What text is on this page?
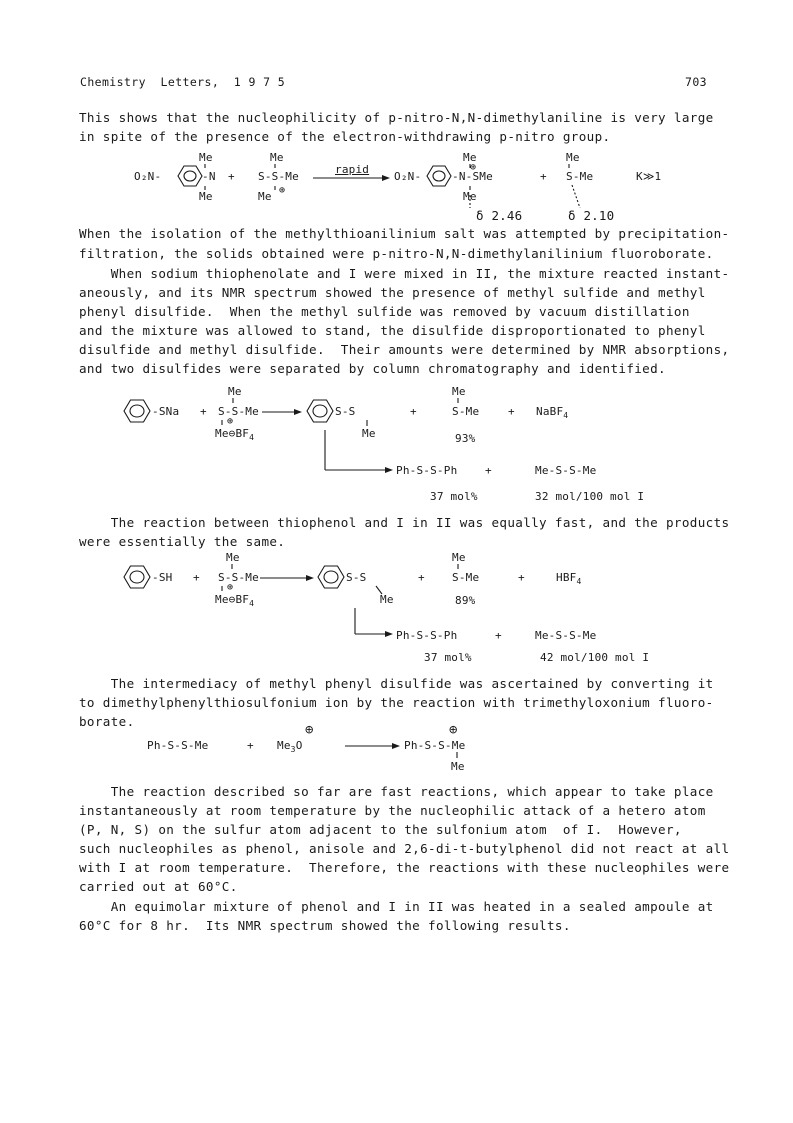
Chemistry  Letters,  1 9 7 5	703
This shows that the nucleophilicity of p-nitro-N,N-dimethylaniline is very large
in spite of the presence of the electron-withdrawing p-nitro group.
Me
O₂N-	-N
Me
+
Me
S-S-Me
Me ⊕
rapid
O₂N-
Me
⊕
-N-SMe
Me
+
Me
S-Me	K≫1
δ 2.46	δ 2.10
When the isolation of the methylthioanilinium salt was attempted by precipitation-
filtration, the solids obtained were p-nitro-N,N-dimethylanilinium fluoroborate.
When sodium thiophenolate and I were mixed in II, the mixture reacted instant-
aneously, and its NMR spectrum showed the presence of methyl sulfide and methyl
phenyl disulfide.  When the methyl sulfide was removed by vacuum distillation
and the mixture was allowed to stand, the disulfide disproportionated to phenyl
disulfide and methyl disulfide.  Their amounts were determined by NMR absorptions,
and two disulfides were separated by column chromatography and identified.
-SNa +
Me
S-S-Me
⊕
$Me⊖BF_4$
S-S
Me
+
Me
S-Me	+ NaBF$_4$
93%
Ph-S-S-Ph	+	Me-S-S-Me
37 mol%	32 mol/100 mol I
The reaction between thiophenol and I in II was equally fast, and the products
were essentially the same.
-SH +
Me
S-S-Me
⊕
$Me⊖BF_4$
S-S
Me
+
Me
S-Me	+	$HBF_4$
89%
Ph-S-S-Ph	+	Me-S-S-Me
37 mol%	42 mol/100 mol I
The intermediacy of methyl phenyl disulfide was ascertained by converting it
to dimethylphenylthiosulfonium ion by the reaction with trimethyloxonium fluoro-
borate.
Ph-S-S-Me	+ $Me_3O$
⊕
Ph-S-S-Me
⊕
Me
The reaction described so far are fast reactions, which appear to take place
instantaneously at room temperature by the nucleophilic attack of a hetero atom
(P, N, S) on the sulfur atom adjacent to the sulfonium atom  of I.  However,
such nucleophiles as phenol, anisole and 2,6-di-t-butylphenol did not react at all
with I at room temperature.  Therefore, the reactions with these nucleophiles were
carried out at 60°C.
An equimolar mixture of phenol and I in II was heated in a sealed ampoule at
60°C for 8 hr.  Its NMR spectrum showed the following results.
